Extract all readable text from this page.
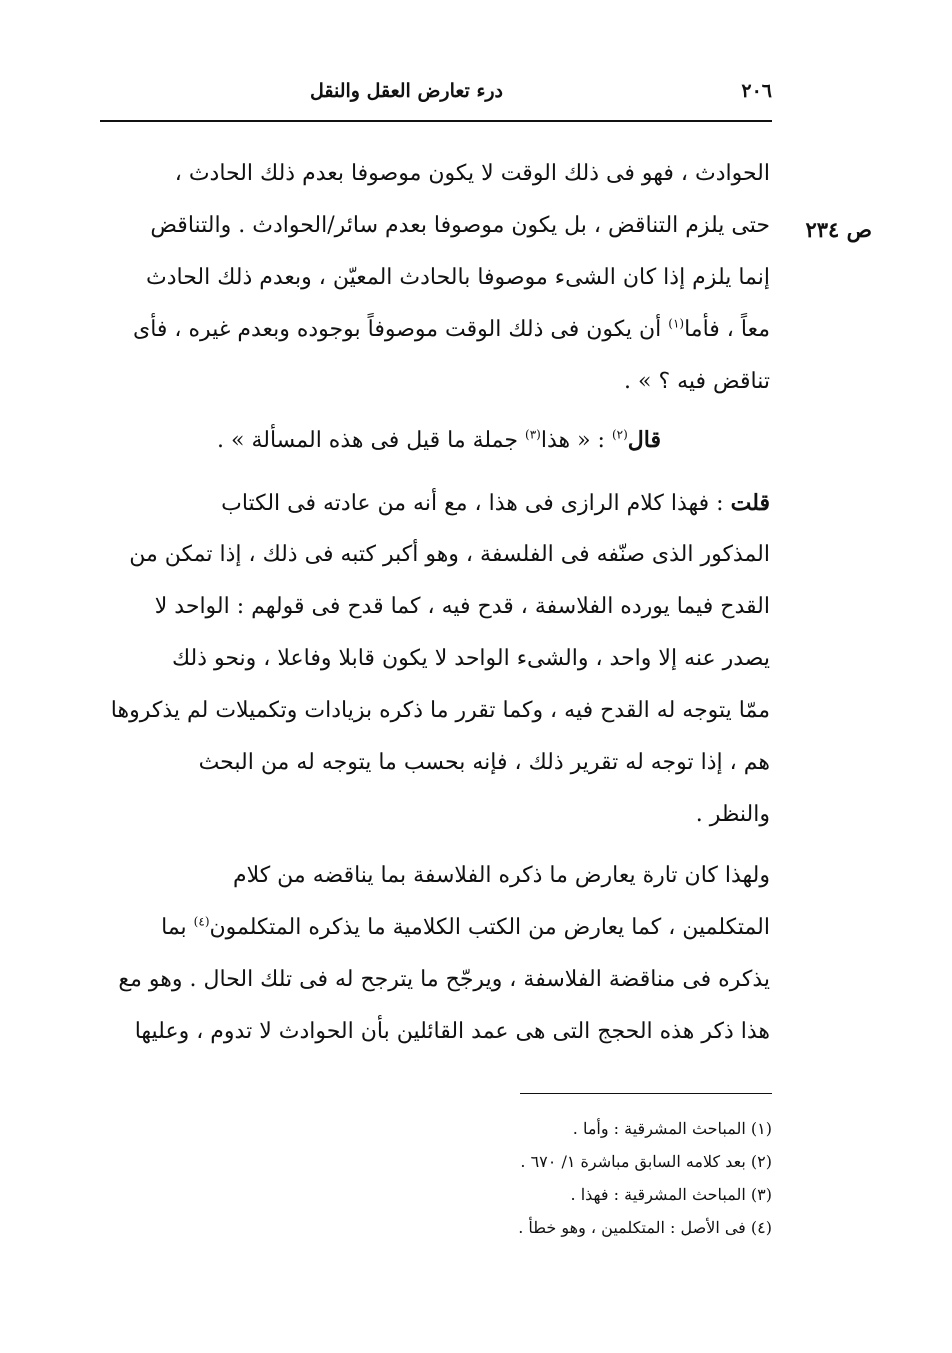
٢٠٦
درء تعارض العقل والنقل
ص ٢٣٤
الحوادث ، فهو فى ذلك الوقت لا يكون موصوفا بعدم ذلك الحادث ،
حتى يلزم التناقض ، بل يكون موصوفا بعدم سائر/الحوادث . والتناقض
إنما يلزم إذا كان الشىء موصوفا بالحادث المعيّن ، وبعدم ذلك الحادث
معاً ، فأما$^{(١)}$ أن يكون فى ذلك الوقت موصوفاً بوجوده وبعدم غيره ، فأى
تناقض فيه ؟ » .
قال$^{(٢)}$ : « هذا$^{(٣)}$ جملة ما قيل فى هذه المسألة » .
قلت : فهذا كلام الرازى فى هذا ، مع أنه من عادته فى الكتاب
المذكور الذى صنّفه فى الفلسفة ، وهو أكبر كتبه فى ذلك ، إذا تمكن من
القدح فيما يورده الفلاسفة ، قدح فيه ، كما قدح فى قولهم : الواحد لا
يصدر عنه إلا واحد ، والشىء الواحد لا يكون قابلا وفاعلا ، ونحو ذلك
ممّا يتوجه له القدح فيه ، وكما تقرر ما ذكره بزيادات وتكميلات لم يذكروها
هم ، إذا توجه له تقرير ذلك ، فإنه بحسب ما يتوجه له من البحث
والنظر .
ولهذا كان تارة يعارض ما ذكره الفلاسفة بما يناقضه من كلام
المتكلمين ، كما يعارض من الكتب الكلامية ما يذكره المتكلمون$^{(٤)}$ بما
يذكره فى مناقضة الفلاسفة ، ويرجّح ما يترجح له فى تلك الحال . وهو مع
هذا ذكر هذه الحجج التى هى عمد القائلين بأن الحوادث لا تدوم ، وعليها
(١) المباحث المشرقية : وأما .
(٢) بعد كلامه السابق مباشرة ١/ ٦٧٠ .
(٣) المباحث المشرقية : فهذا .
(٤) فى الأصل : المتكلمين ، وهو خطأ .
